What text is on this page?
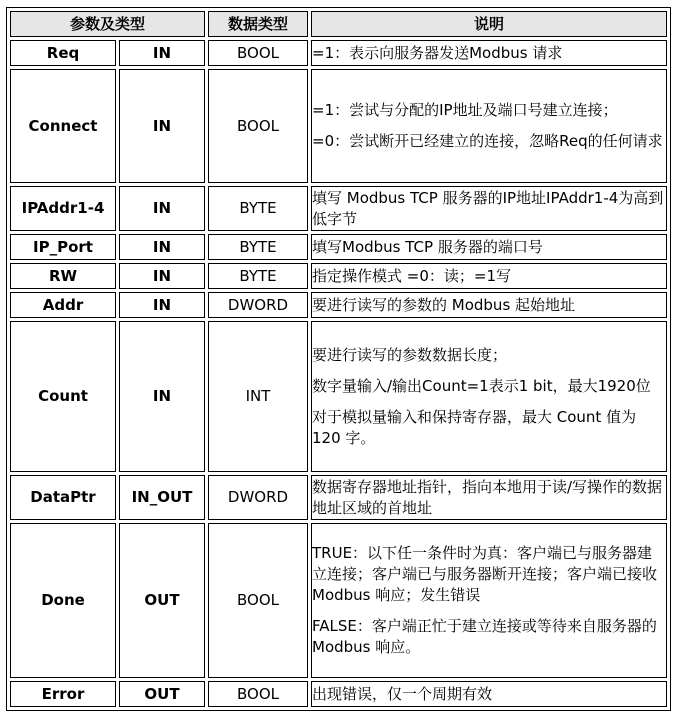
参数及类型		数据类型	说明
Req	IN	BOOL	=1：表示向服务器发送Modbus 请求

Connect	IN	BOOL	=1：尝试与分配的IP地址及端口号建立连接；

=0：尝试断开已经建立的连接，忽略Req的任何请求

IPAddr1-4	IN	BYTE	填写 Modbus TCP 服务器的IP地址IPAddr1-4为高到低字节

IP_Port	IN	BYTE	填写Modbus TCP 服务器的端口号

RW	IN	BYTE	指定操作模式 =0：读；=1写

Addr	IN	DWORD	要进行读写的参数的 Modbus 起始地址

Count	IN	INT	要进行读写的参数数据长度；

数字量输入/输出Count=1表示1 bit，最大1920位

对于模拟量输入和保持寄存器，最大 Count 值为 120 字。

DataPtr	IN_OUT	DWORD	数据寄存器地址指针，指向本地用于读/写操作的数据地址区域的首地址

Done	OUT	BOOL	TRUE：以下任一条件时为真：客户端已与服务器建立连接；客户端已与服务器断开连接；客户端已接收 Modbus 响应；发生错误

FALSE：客户端正忙于建立连接或等待来自服务器的 Modbus 响应。

Error	OUT	BOOL	出现错误，仅一个周期有效
